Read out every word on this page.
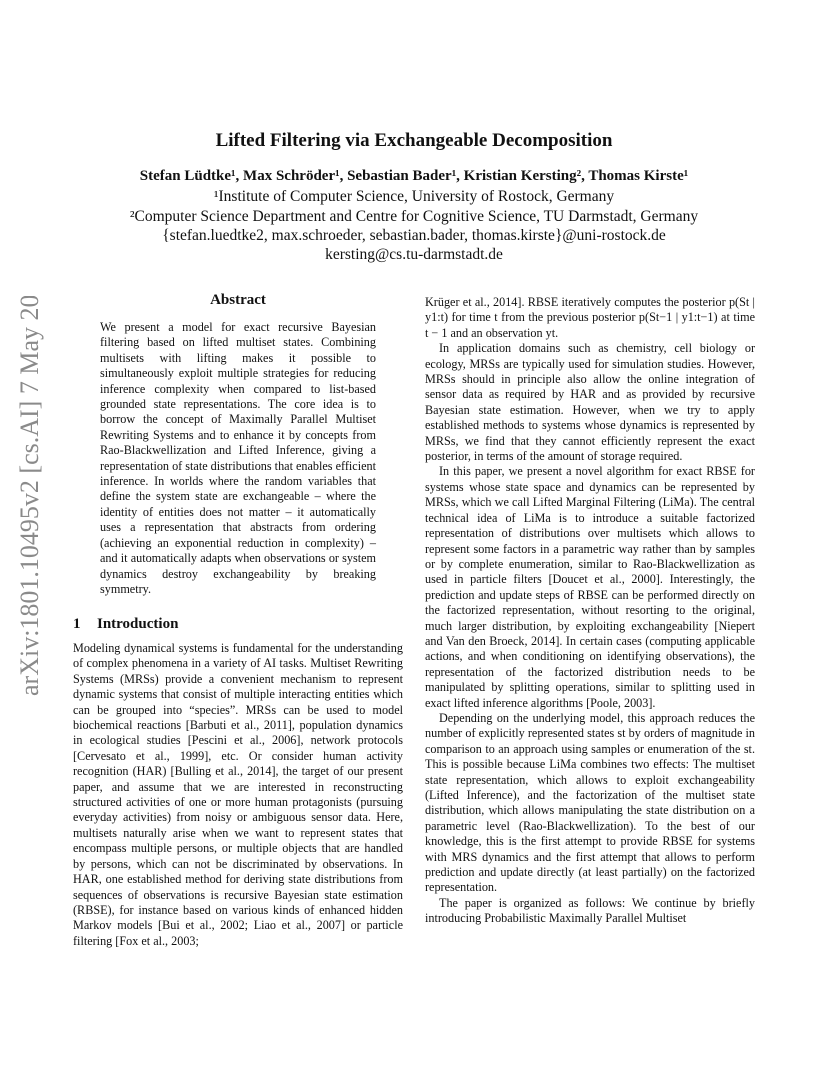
arXiv:1801.10495v2 [cs.AI] 7 May 2018
Lifted Filtering via Exchangeable Decomposition
Stefan Lüdtke¹, Max Schröder¹, Sebastian Bader¹, Kristian Kersting², Thomas Kirste¹
¹Institute of Computer Science, University of Rostock, Germany
²Computer Science Department and Centre for Cognitive Science, TU Darmstadt, Germany
{stefan.luedtke2, max.schroeder, sebastian.bader, thomas.kirste}@uni-rostock.de
kersting@cs.tu-darmstadt.de
Abstract
We present a model for exact recursive Bayesian filtering based on lifted multiset states. Combining multisets with lifting makes it possible to simultaneously exploit multiple strategies for reducing inference complexity when compared to list-based grounded state representations. The core idea is to borrow the concept of Maximally Parallel Multiset Rewriting Systems and to enhance it by concepts from Rao-Blackwellization and Lifted Inference, giving a representation of state distributions that enables efficient inference. In worlds where the random variables that define the system state are exchangeable – where the identity of entities does not matter – it automatically uses a representation that abstracts from ordering (achieving an exponential reduction in complexity) – and it automatically adapts when observations or system dynamics destroy exchangeability by breaking symmetry.
1 Introduction

Modeling dynamical systems is fundamental for the understanding of complex phenomena in a variety of AI tasks. Multiset Rewriting Systems (MRSs) provide a convenient mechanism to represent dynamic systems that consist of multiple interacting entities which can be grouped into “species”. MRSs can be used to model biochemical reactions [Barbuti et al., 2011], population dynamics in ecological studies [Pescini et al., 2006], network protocols [Cervesato et al., 1999], etc. Or consider human activity recognition (HAR) [Bulling et al., 2014], the target of our present paper, and assume that we are interested in reconstructing structured activities of one or more human protagonists (pursuing everyday activities) from noisy or ambiguous sensor data. Here, multisets naturally arise when we want to represent states that encompass multiple persons, or multiple objects that are handled by persons, which can not be discriminated by observations. In HAR, one established method for deriving state distributions from sequences of observations is recursive Bayesian state estimation (RBSE), for instance based on various kinds of enhanced hidden Markov models [Bui et al., 2002; Liao et al., 2007] or particle filtering [Fox et al., 2003;

Krüger et al., 2014]. RBSE iteratively computes the posterior p(St | y1:t) for time t from the previous posterior p(St−1 | y1:t−1) at time t − 1 and an observation yt.

In application domains such as chemistry, cell biology or ecology, MRSs are typically used for simulation studies. However, MRSs should in principle also allow the online integration of sensor data as required by HAR and as provided by recursive Bayesian state estimation. However, when we try to apply established methods to systems whose dynamics is represented by MRSs, we find that they cannot efficiently represent the exact posterior, in terms of the amount of storage required.

In this paper, we present a novel algorithm for exact RBSE for systems whose state space and dynamics can be represented by MRSs, which we call Lifted Marginal Filtering (LiMa). The central technical idea of LiMa is to introduce a suitable factorized representation of distributions over multisets which allows to represent some factors in a parametric way rather than by samples or by complete enumeration, similar to Rao-Blackwellization as used in particle filters [Doucet et al., 2000]. Interestingly, the prediction and update steps of RBSE can be performed directly on the factorized representation, without resorting to the original, much larger distribution, by exploiting exchangeability [Niepert and Van den Broeck, 2014]. In certain cases (computing applicable actions, and when conditioning on identifying observations), the representation of the factorized distribution needs to be manipulated by splitting operations, similar to splitting used in exact lifted inference algorithms [Poole, 2003].

Depending on the underlying model, this approach reduces the number of explicitly represented states st by orders of magnitude in comparison to an approach using samples or enumeration of the st. This is possible because LiMa combines two effects: The multiset state representation, which allows to exploit exchangeability (Lifted Inference), and the factorization of the multiset state distribution, which allows manipulating the state distribution on a parametric level (Rao-Blackwellization). To the best of our knowledge, this is the first attempt to provide RBSE for systems with MRS dynamics and the first attempt that allows to perform prediction and update directly (at least partially) on the factorized representation.

The paper is organized as follows: We continue by briefly introducing Probabilistic Maximally Parallel Multiset
